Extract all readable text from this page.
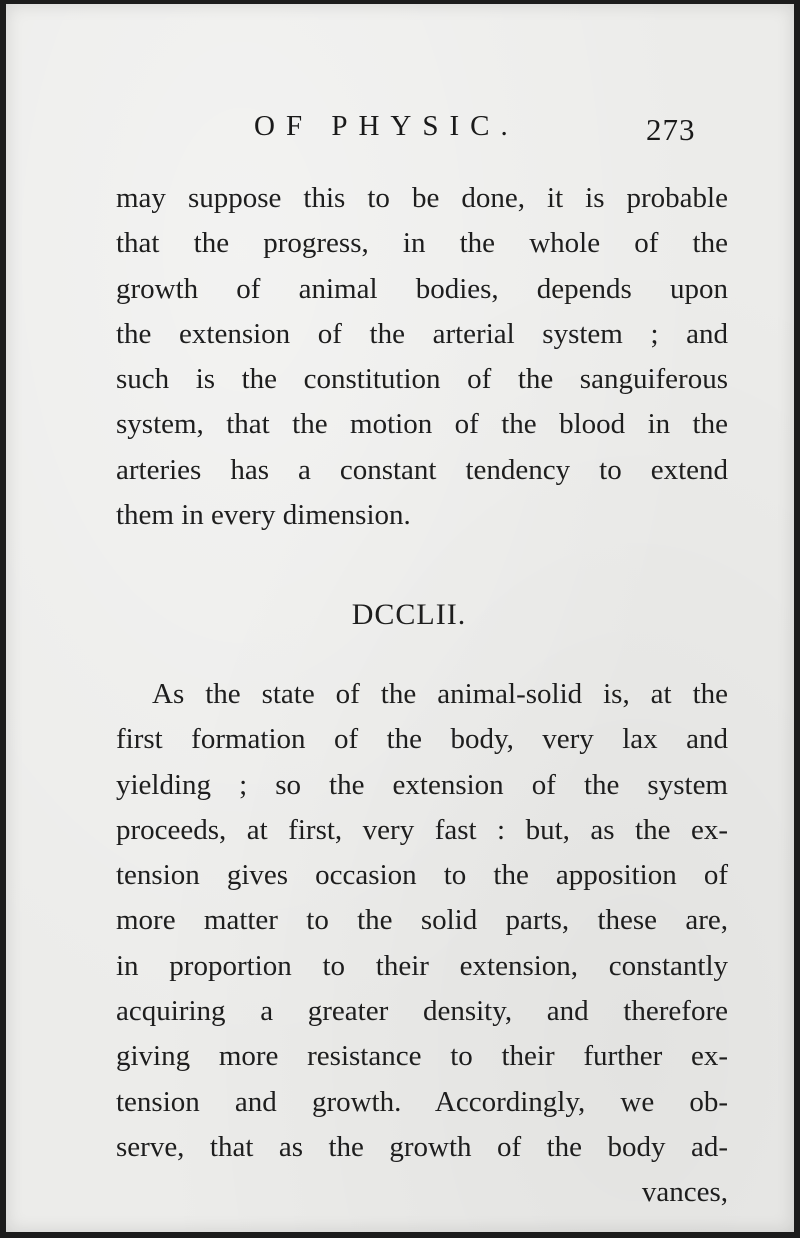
OF PHYSIC.	273
may suppose this to be done, it is probable
that the progress, in the whole of the
growth of animal bodies, depends upon
the extension of the arterial system ; and
such is the constitution of the sanguiferous
system, that the motion of the blood in the
arteries has a constant tendency to extend
them in every dimension.
DCCLII.
As the state of the animal-solid is, at the
first formation of the body, very lax and
yielding ; so the extension of the system
proceeds, at first, very fast : but, as the ex-
tension gives occasion to the apposition of
more matter to the solid parts, these are,
in proportion to their extension, constantly
acquiring a greater density, and therefore
giving more resistance to their further ex-
tension and growth. Accordingly, we ob-
serve, that as the growth of the body ad-
vances,
